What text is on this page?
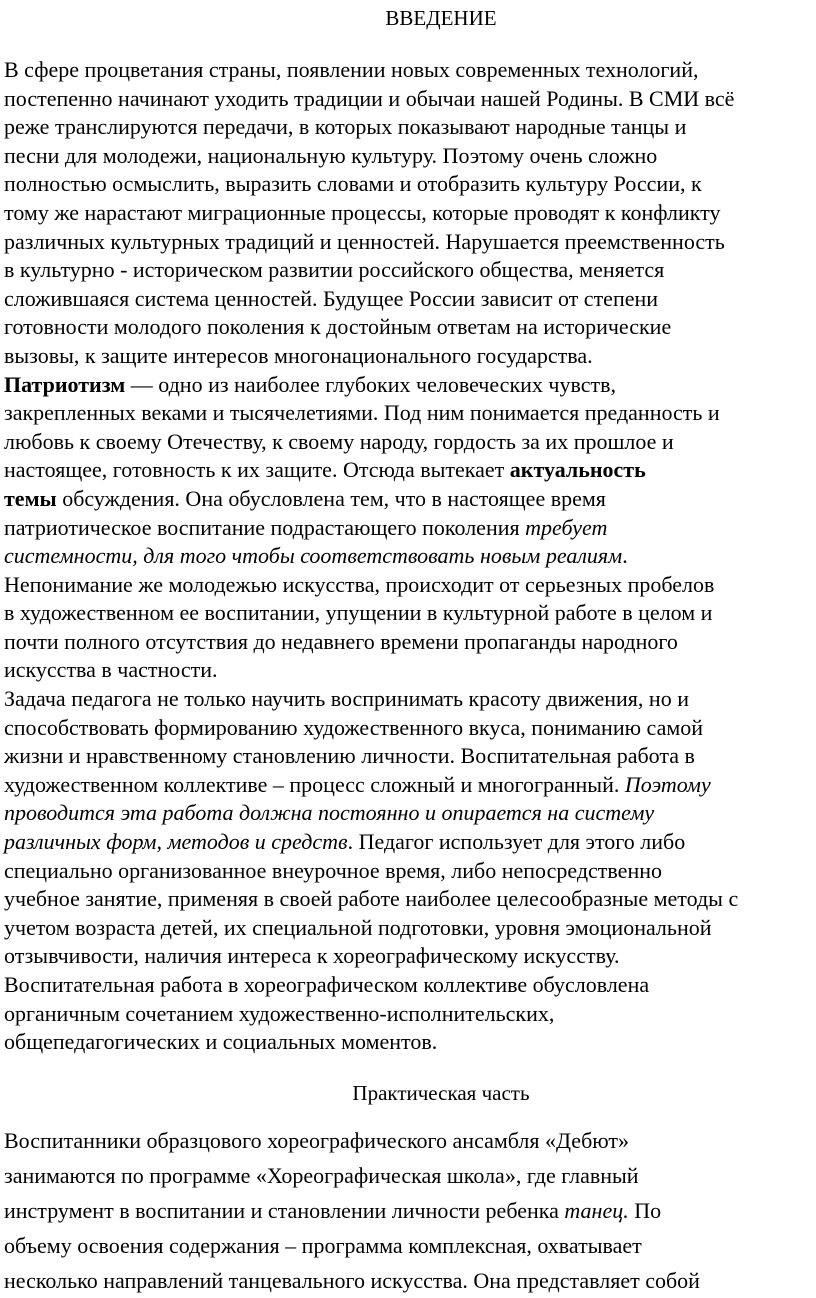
ВВЕДЕНИЕ
В сфере процветания страны, появлении новых современных технологий,
постепенно начинают уходить традиции и обычаи нашей Родины. В СМИ всё
реже транслируются передачи, в которых показывают народные танцы и
песни для молодежи, национальную культуру. Поэтому очень сложно
полностью осмыслить, выразить словами и отобразить культуру России, к
тому же нарастают миграционные процессы, которые проводят к конфликту
различных культурных традиций и ценностей. Нарушается преемственность
в культурно - историческом развитии российского общества, меняется
сложившаяся система ценностей. Будущее России зависит от степени
готовности молодого поколения к достойным ответам на исторические
вызовы, к защите интересов многонационального государства.
Патриотизм — одно из наиболее глубоких человеческих чувств,
закрепленных веками и тысячелетиями. Под ним понимается преданность и
любовь к своему Отечеству, к своему народу, гордость за их прошлое и
настоящее, готовность к их защите. Отсюда вытекает актуальность
темы обсуждения. Она обусловлена тем, что в настоящее время
патриотическое воспитание подрастающего поколения требует
системности, для того чтобы соответствовать новым реалиям.
Непонимание же молодежью искусства, происходит от серьезных пробелов
в художественном ее воспитании, упущении в культурной работе в целом и
почти полного отсутствия до недавнего времени пропаганды народного
искусства в частности.
Задача педагога не только научить воспринимать красоту движения, но и
способствовать формированию художественного вкуса, пониманию самой
жизни и нравственному становлению личности. Воспитательная работа в
художественном коллективе – процесс сложный и многогранный. Поэтому
проводится эта работа должна постоянно и опирается на систему
различных форм, методов и средств. Педагог использует для этого либо
специально организованное внеурочное время, либо непосредственно
учебное занятие, применяя в своей работе наиболее целесообразные методы с
учетом возраста детей, их специальной подготовки, уровня эмоциональной
отзывчивости, наличия интереса к хореографическому искусству.
Воспитательная работа в хореографическом коллективе обусловлена
органичным сочетанием художественно-исполнительских,
общепедагогических и социальных моментов.
Практическая часть
Воспитанники образцового хореографического ансамбля «Дебют»
занимаются по программе «Хореографическая школа», где главный
инструмент в воспитании и становлении личности ребенка танец. По
объему освоения содержания – программа комплексная, охватывает
несколько направлений танцевального искусства. Она представляет собой
